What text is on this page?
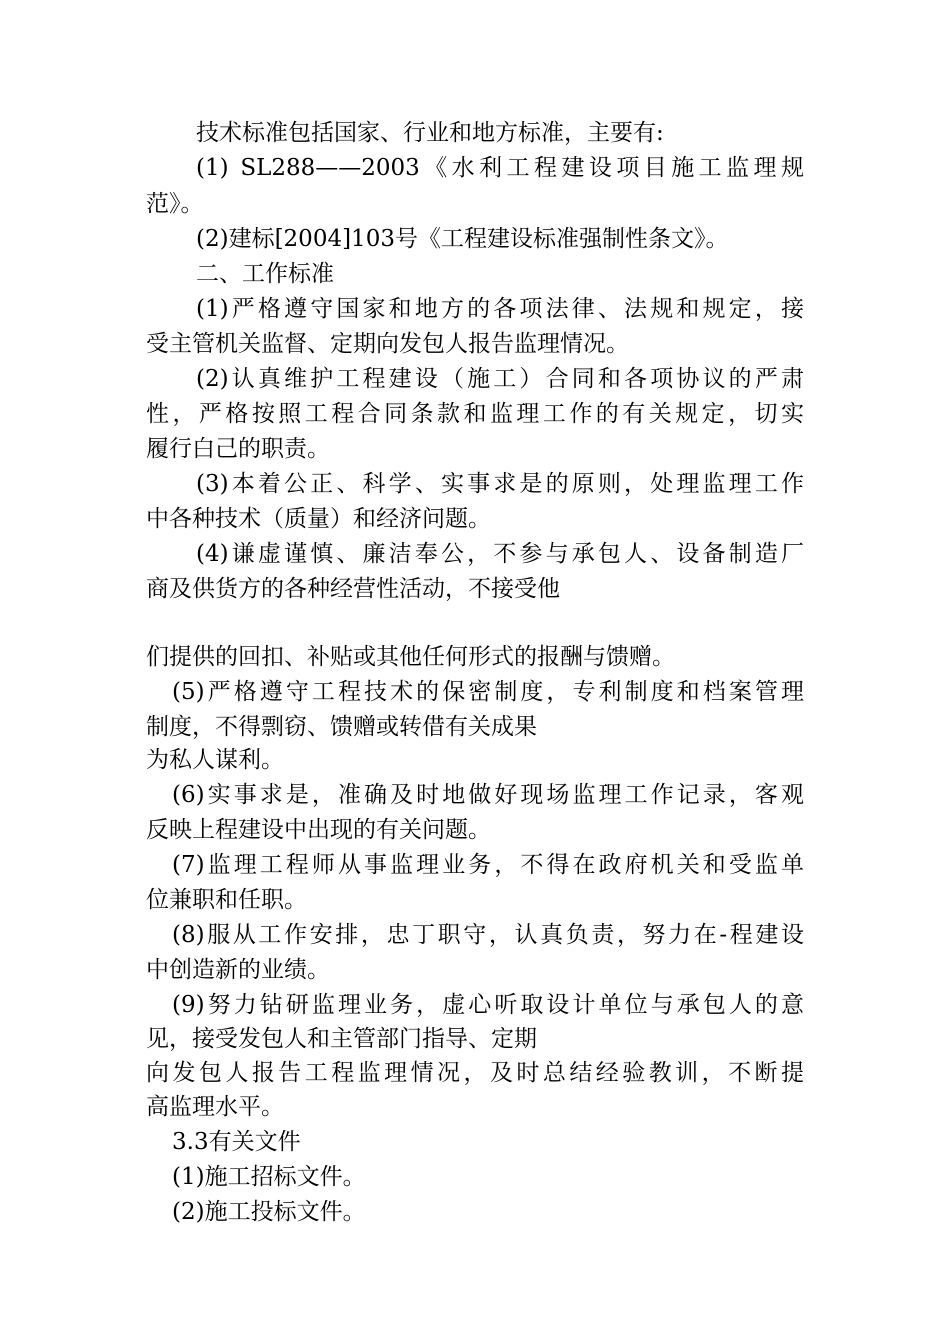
技术标准包括国家、行业和地方标准，主要有:
(1) SL288——2003《水利工程建设项目施工监理规
范》。
(2)建标[2004]103号《工程建设标准强制性条文》。
二、工作标准
(1)严格遵守国家和地方的各项法律、法规和规定，接
受主管机关监督、定期向发包人报告监理情况。
(2)认真维护工程建设（施工）合同和各项协议的严肃
性，严格按照工程合同条款和监理工作的有关规定，切实
履行白己的职责。
(3)本着公正、科学、实事求是的原则，处理监理工作
中各种技术（质量）和经济问题。
(4)谦虚谨慎、廉洁奉公，不参与承包人、设备制造厂
商及供货方的各种经营性活动，不接受他
们提供的回扣、补贴或其他任何形式的报酬与馈赠。
(5)严格遵守工程技术的保密制度，专利制度和档案管理
制度，不得剽窃、馈赠或转借有关成果
为私人谋利。
(6)实事求是，准确及时地做好现场监理工作记录，客观
反映上程建设中出现的有关问题。
(7)监理工程师从事监理业务，不得在政府机关和受监单
位兼职和任职。
(8)服从工作安排，忠丁职守，认真负责，努力在-程建设
中创造新的业绩。
(9)努力钻研监理业务，虚心听取设计单位与承包人的意
见，接受发包人和主管部门指导、定期
向发包人报告工程监理情况，及时总结经验教训，不断提
高监理水平。
3.3有关文件
(1)施工招标文件。
(2)施工投标文件。
